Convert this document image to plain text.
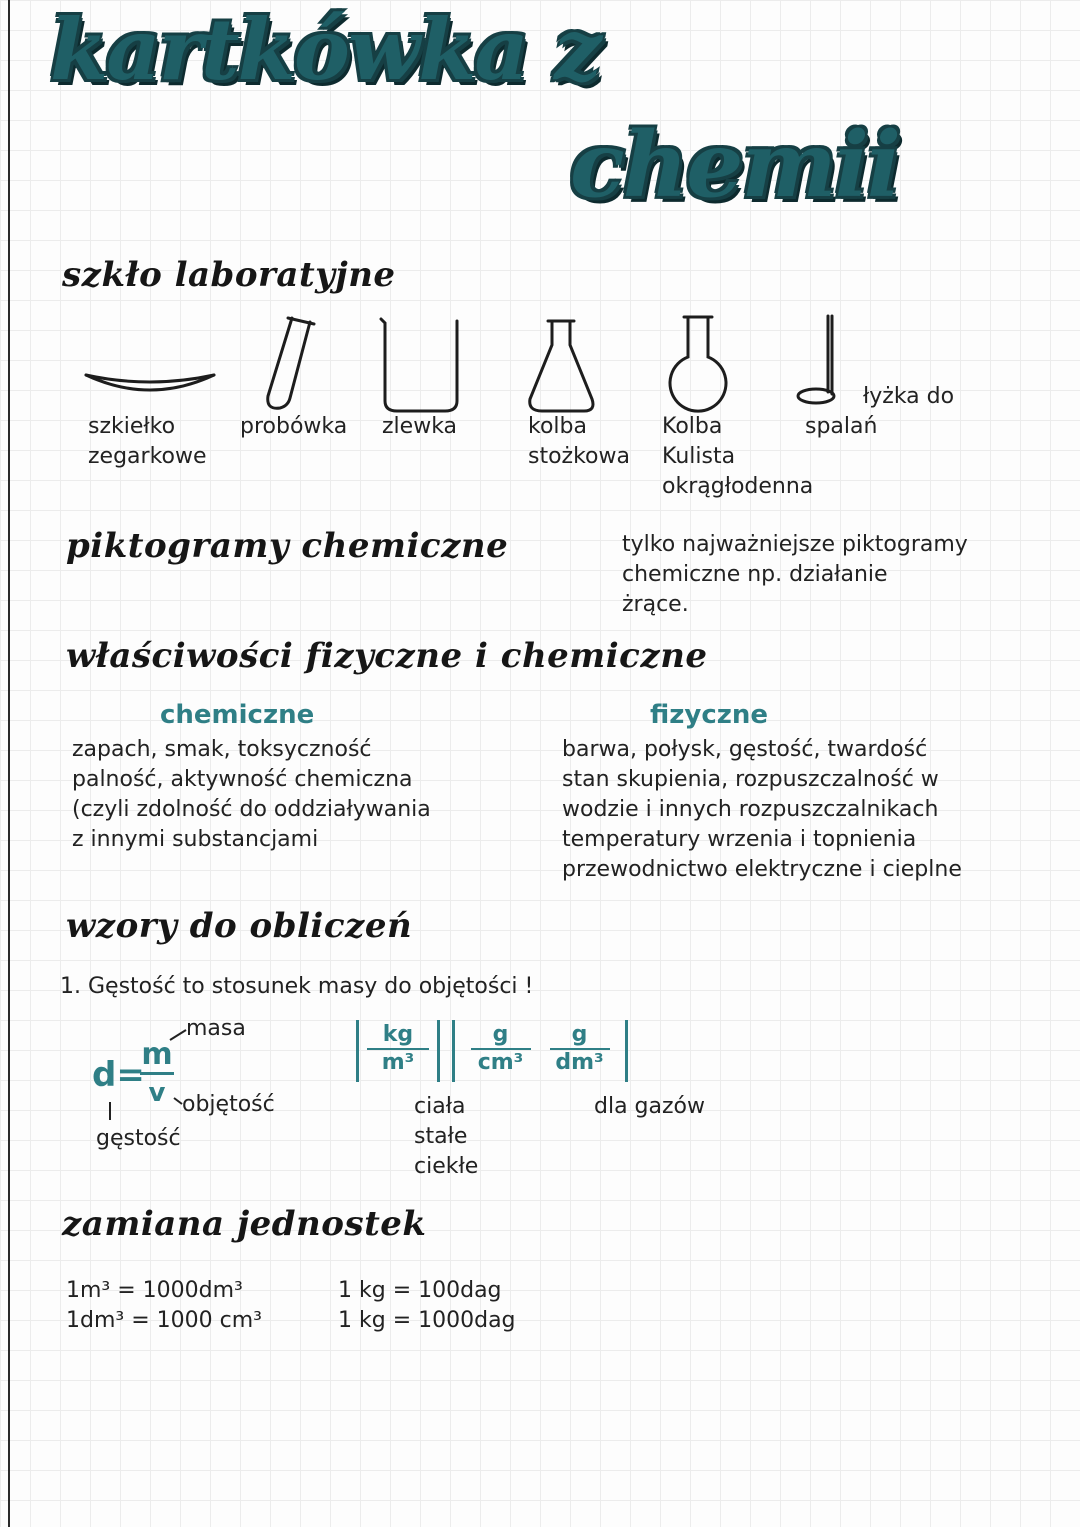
kartkówka z
chemii
szkło laboratyjne
szkiełko
zegarkowe
probówka zlewka	kolba
stożkowa
Kolba
Kulista
okrągłodenna
łyżka do
spalań
piktogramy chemiczne	tylko najważniejsze piktogramy
chemiczne np. działanie
żrące.
właściwości fizyczne i chemiczne
chemiczne
zapach, smak, toksyczność
palność, aktywność chemiczna
(czyli zdolność do oddziaływania
z innymi substancjami
fizyczne
barwa, połysk, gęstość, twardość
stan skupienia, rozpuszczalność w
wodzie i innych rozpuszczalnikach
temperatury wrzenia i topnienia
przewodnictwo elektryczne i cieplne
wzory do obliczeń
1. Gęstość to stosunek masy do objętości !
d=
m
v
masa
objętość
gęstość
kg
m³
g	g
cm³	dm³
ciała
stałe
ciekłe
dla gazów
zamiana jednostek
1m³ = 1000dm³
1dm³ = 1000 cm³
1 kg = 100dag
1 kg = 1000dag
